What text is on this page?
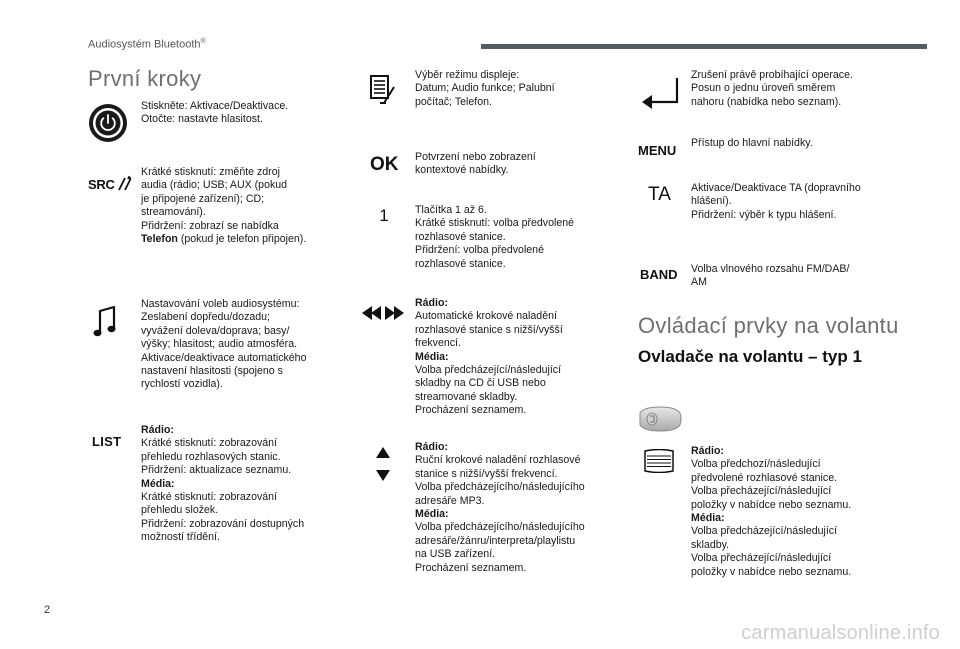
Audiosystém Bluetooth®
První kroky
Stiskněte: Aktivace/Deaktivace.
Otočte: nastavte hlasitost.
SRC
Krátké stisknutí: změňte zdroj
audia (rádio; USB; AUX (pokud
je připojené zařízení); CD;
streamování).
Přidržení: zobrazí se nabídka
Telefon (pokud je telefon připojen).
Nastavování voleb audiosystému:
Zeslabení dopředu/dozadu;
vyvážení doleva/doprava; basy/
výšky; hlasitost; audio atmosféra.
Aktivace/deaktivace automatického
nastavení hlasitosti (spojeno s
rychlostí vozidla).
LIST
Rádio:
Krátké stisknutí: zobrazování
přehledu rozhlasových stanic.
Přidržení: aktualizace seznamu.
Média:
Krátké stisknutí: zobrazování
přehledu složek.
Přidržení: zobrazování dostupných
možností třídění.
Výběr režimu displeje:
Datum; Audio funkce; Palubní
počítač; Telefon.
OK Potvrzení nebo zobrazení
kontextové nabídky.
1 Tlačítka 1 až 6.
Krátké stisknutí: volba předvolené
rozhlasové stanice.
Přidržení: volba předvolené
rozhlasové stanice.
Rádio:
Automatické krokové naladění
rozhlasové stanice s nižší/vyšší
frekvencí.
Média:
Volba předcházející/následující
skladby na CD či USB nebo
streamované skladby.
Procházení seznamem.
Rádio:
Ruční krokové naladění rozhlasové
stanice s nižší/vyšší frekvencí.
Volba předcházejícího/následujícího
adresáře MP3.
Média:
Volba předcházejícího/následujícího
adresáře/žánru/interpreta/playlistu
na USB zařízení.
Procházení seznamem.
Zrušení právě probíhající operace.
Posun o jednu úroveň směrem
nahoru (nabídka nebo seznam).
MENU Přístup do hlavní nabídky.
TA Aktivace/Deaktivace TA (dopravního
hlášení).
Přidržení: výběr k typu hlášení.
BAND Volba vlnového rozsahu FM/DAB/
AM
Ovládací prvky na volantu
Ovladače na volantu – typ 1
Rádio:
Volba předchozí/následující
předvolené rozhlasové stanice.
Volba přecházející/následující
položky v nabídce nebo seznamu.
Média:
Volba předcházející/následující
skladby.
Volba přecházející/následující
položky v nabídce nebo seznamu.
2
carmanualsonline.info
